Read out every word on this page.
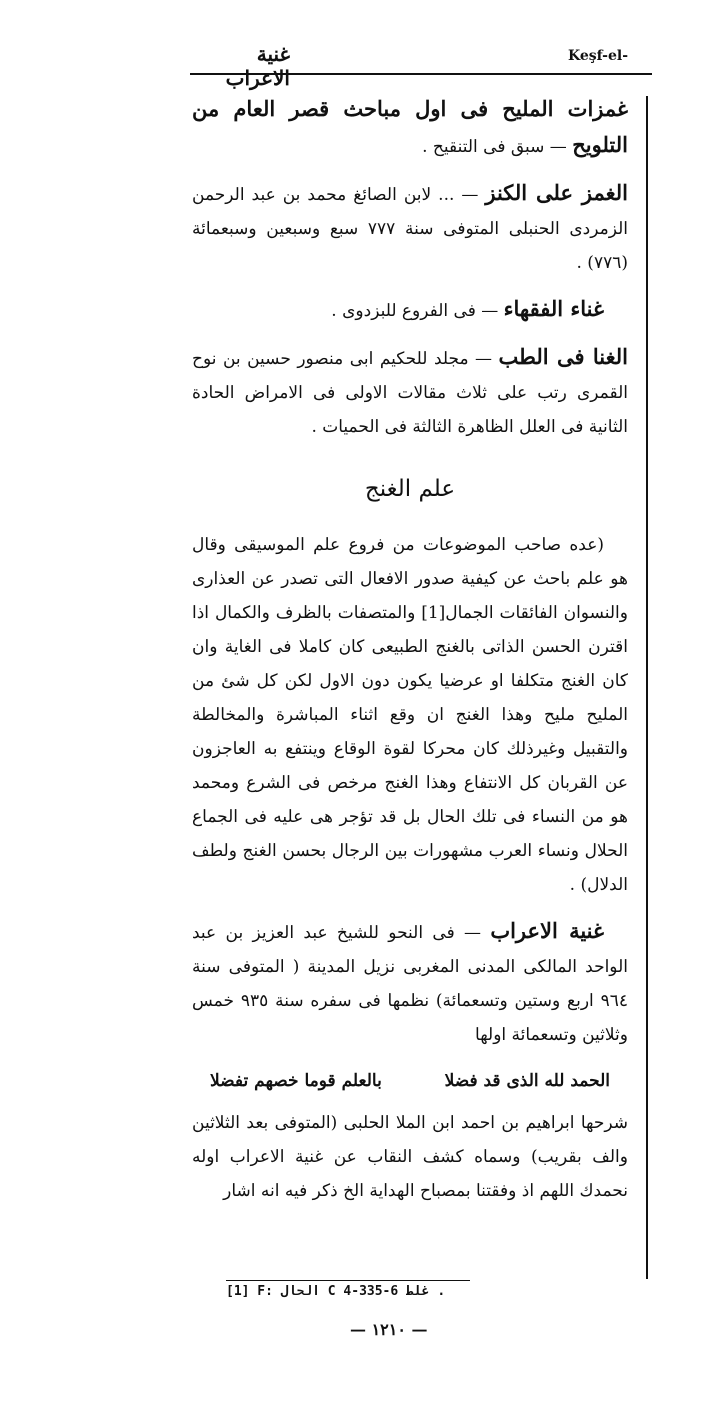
Keşf-el-
غنية الاعراب

غمزات المليح فى اول مباحث قصر العام من التلويح — سبق فى التنقيح .

الغمز على الكنز — ... لابن الصائغ محمد بن عبد الرحمن الزمردى الحنبلى المتوفى سنة ٧٧٧ سبع وسبعين وسبعمائة (٧٧٦) .

غناء الفقهاء — فى الفروع للبزدوى .

الغنا فى الطب — مجلد للحكيم ابى منصور حسين بن نوح القمرى رتب على ثلاث مقالات الاولى فى الامراض الحادة الثانية فى العلل الظاهرة الثالثة فى الحميات .

علم الغنج

(عده صاحب الموضوعات من فروع علم الموسيقى وقال هو علم باحث عن كيفية صدور الافعال التى تصدر عن العذارى والنسوان الفائقات الجمال[1] والمتصفات بالظرف والكمال اذا اقترن الحسن الذاتى بالغنج الطبيعى كان كاملا فى الغاية وان كان الغنج متكلفا او عرضيا يكون دون الاول لكن كل شئ من المليح مليح وهذا الغنج ان وقع اثناء المباشرة والمخالطة والتقبيل وغيرذلك كان محركا لقوة الوقاع وينتفع به العاجزون عن القربان كل الانتفاع وهذا الغنج مرخص فى الشرع ومحمد هو من النساء فى تلك الحال بل قد تؤجر هى عليه فى الجماع الحلال ونساء العرب مشهورات بين الرجال بحسن الغنج ولطف الدلال) .

غنية الاعراب — فى النحو للشيخ عبد العزيز بن عبد الواحد المالكى المدنى المغربى نزيل المدينة ( المتوفى سنة ٩٦٤ اربع وستين وتسعمائة) نظمها فى سفره سنة ٩٣٥ خمس وثلاثين وتسعمائة اولها

الحمد لله الذى قد فضلا
بالعلم قوما خصهم تفضلا

شرحها ابراهيم بن احمد ابن الملا الحلبى (المتوفى بعد الثلاثين والف بقريب) وسماه كشف النقاب عن غنية الاعراب اوله نحمدك اللهم اذ وفقتنا بمصباح الهداية الخ ذكر فيه انه اشار

[1] F: الحال C 4-335-6 غلط .
— ١٢١٠ —
